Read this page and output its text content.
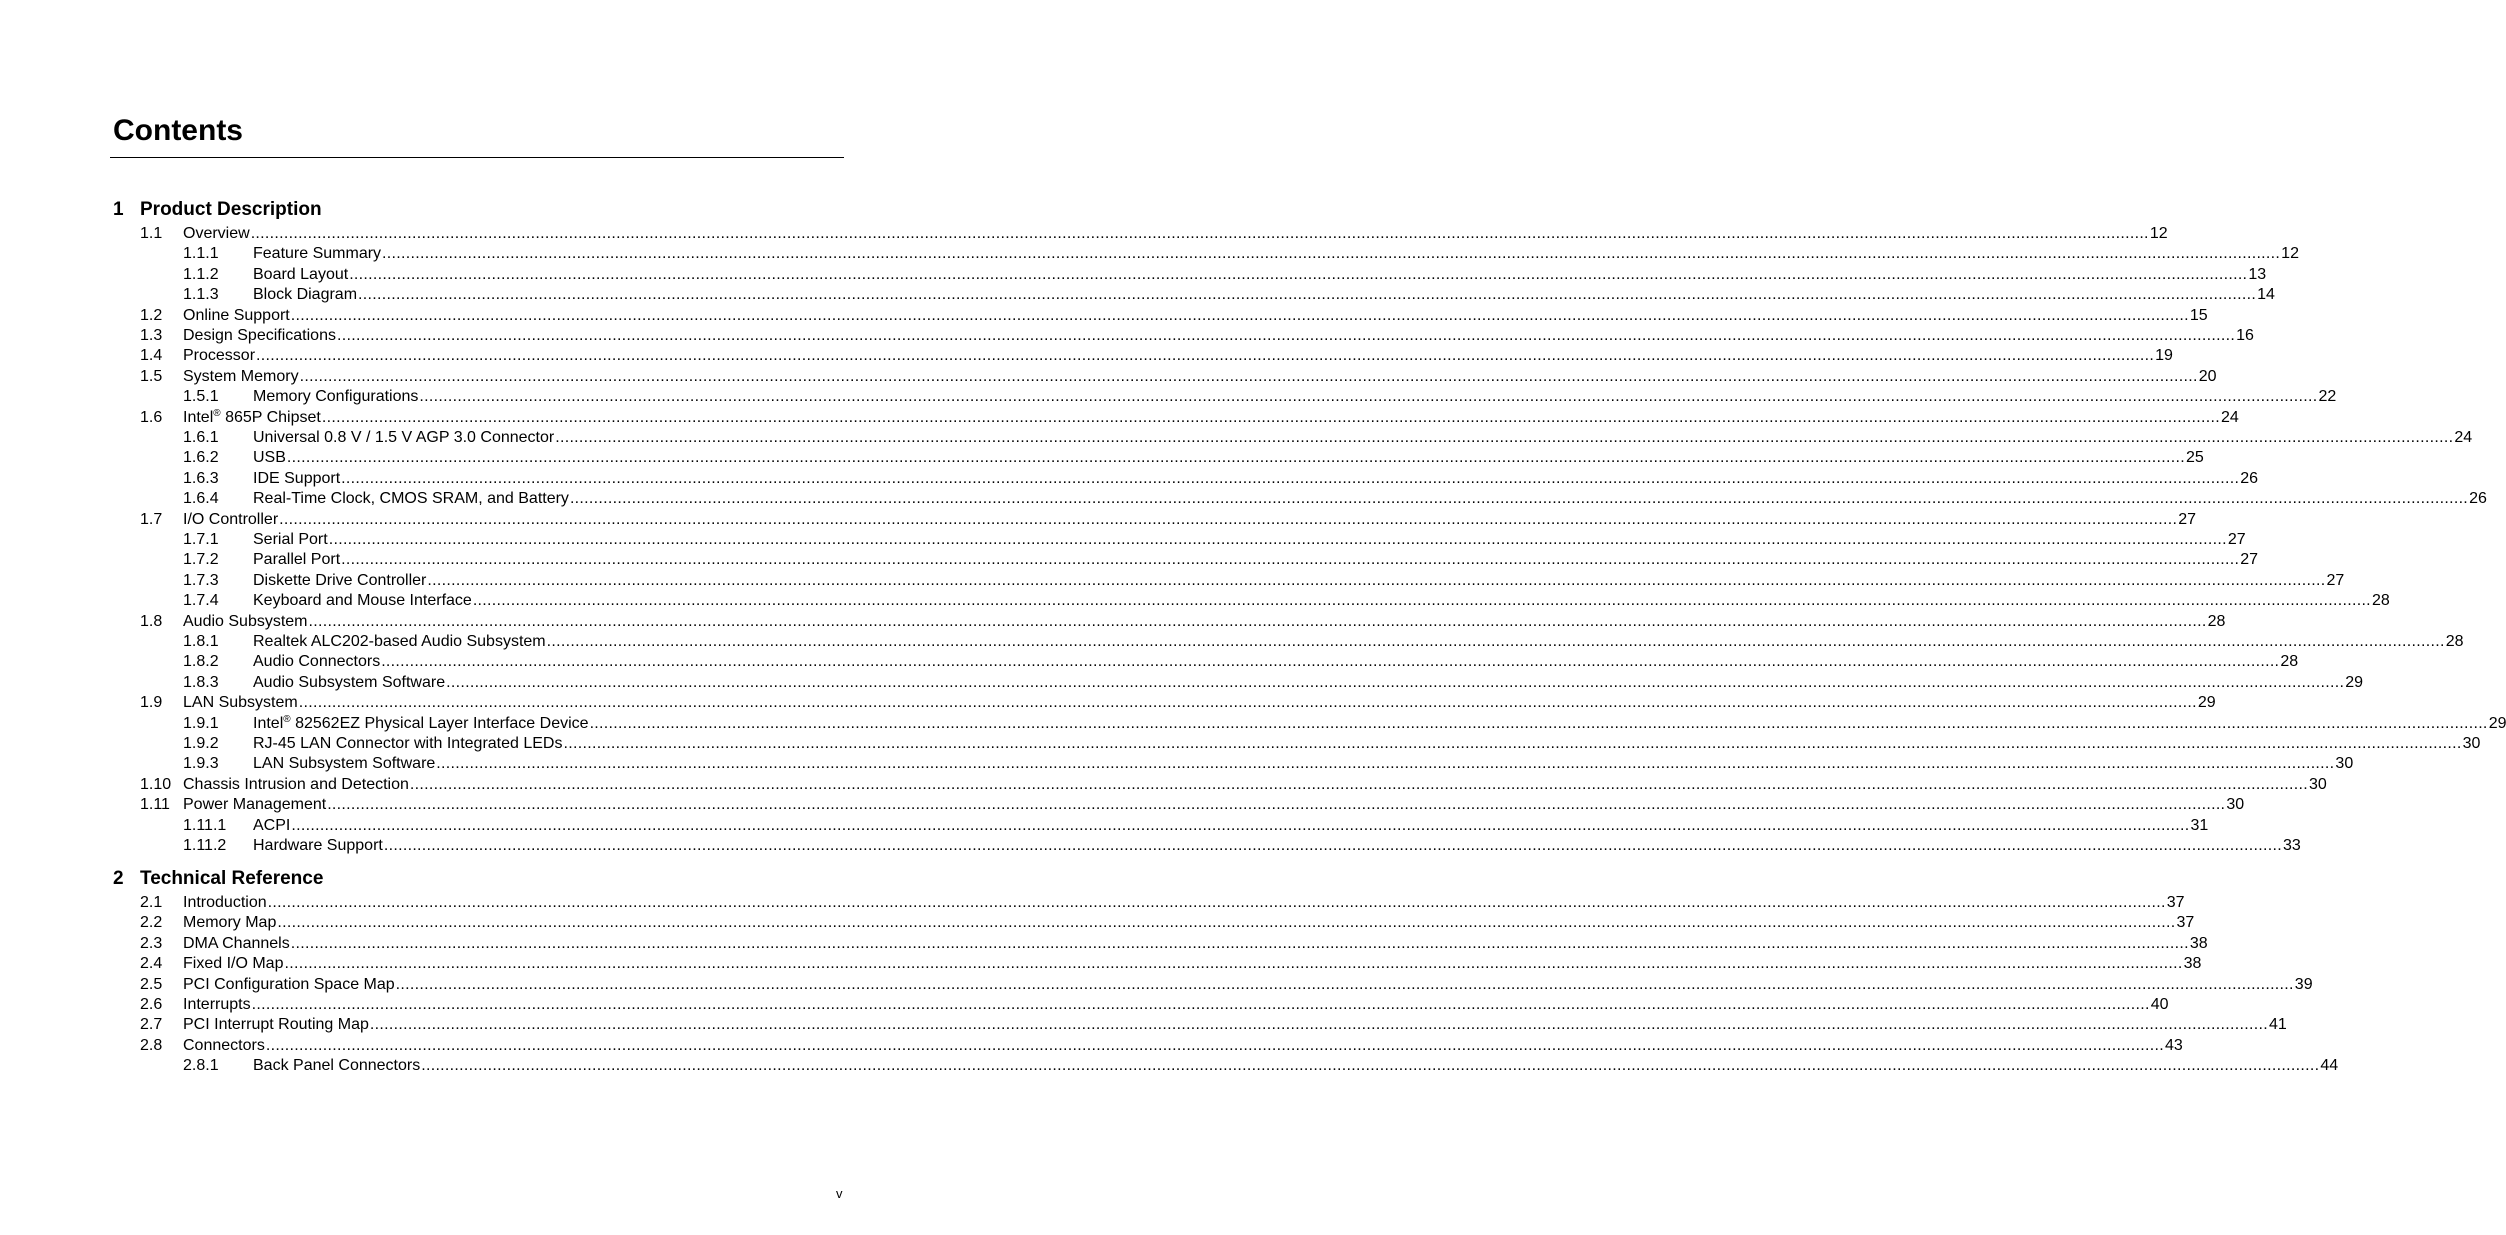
Contents
1 Product Description
1.1 Overview ................................................................................................................................................................................................................................................................................................................................................................................................................ 12
1.1.1 Feature Summary ................................................................................................................................................................................................................................................................................................................................................................................................................ 12
1.1.2 Board Layout ................................................................................................................................................................................................................................................................................................................................................................................................................ 13
1.1.3 Block Diagram ................................................................................................................................................................................................................................................................................................................................................................................................................ 14
1.2 Online Support ................................................................................................................................................................................................................................................................................................................................................................................................................ 15
1.3 Design Specifications ................................................................................................................................................................................................................................................................................................................................................................................................................ 16
1.4 Processor ................................................................................................................................................................................................................................................................................................................................................................................................................ 19
1.5 System Memory ................................................................................................................................................................................................................................................................................................................................................................................................................ 20
1.5.1 Memory Configurations ................................................................................................................................................................................................................................................................................................................................................................................................................ 22
1.6 Intel® 865P Chipset ................................................................................................................................................................................................................................................................................................................................................................................................................ 24
1.6.1 Universal 0.8 V / 1.5 V AGP 3.0 Connector ................................................................................................................................................................................................................................................................................................................................................................................................................ 24
1.6.2 USB ................................................................................................................................................................................................................................................................................................................................................................................................................ 25
1.6.3 IDE Support ................................................................................................................................................................................................................................................................................................................................................................................................................ 26
1.6.4 Real-Time Clock, CMOS SRAM, and Battery ................................................................................................................................................................................................................................................................................................................................................................................................................ 26
1.7 I/O Controller ................................................................................................................................................................................................................................................................................................................................................................................................................ 27
1.7.1 Serial Port ................................................................................................................................................................................................................................................................................................................................................................................................................ 27
1.7.2 Parallel Port ................................................................................................................................................................................................................................................................................................................................................................................................................ 27
1.7.3 Diskette Drive Controller ................................................................................................................................................................................................................................................................................................................................................................................................................ 27
1.7.4 Keyboard and Mouse Interface ................................................................................................................................................................................................................................................................................................................................................................................................................ 28
1.8 Audio Subsystem ................................................................................................................................................................................................................................................................................................................................................................................................................ 28
1.8.1 Realtek ALC202-based Audio Subsystem ................................................................................................................................................................................................................................................................................................................................................................................................................ 28
1.8.2 Audio Connectors ................................................................................................................................................................................................................................................................................................................................................................................................................ 28
1.8.3 Audio Subsystem Software ................................................................................................................................................................................................................................................................................................................................................................................................................ 29
1.9 LAN Subsystem ................................................................................................................................................................................................................................................................................................................................................................................................................ 29
1.9.1 Intel® 82562EZ Physical Layer Interface Device ................................................................................................................................................................................................................................................................................................................................................................................................................ 29
1.9.2 RJ-45 LAN Connector with Integrated LEDs ................................................................................................................................................................................................................................................................................................................................................................................................................ 30
1.9.3 LAN Subsystem Software ................................................................................................................................................................................................................................................................................................................................................................................................................ 30
1.10 Chassis Intrusion and Detection ................................................................................................................................................................................................................................................................................................................................................................................................................ 30
1.11 Power Management ................................................................................................................................................................................................................................................................................................................................................................................................................ 30
1.11.1 ACPI ................................................................................................................................................................................................................................................................................................................................................................................................................ 31
1.11.2 Hardware Support ................................................................................................................................................................................................................................................................................................................................................................................................................ 33
2 Technical Reference
2.1 Introduction ................................................................................................................................................................................................................................................................................................................................................................................................................ 37
2.2 Memory Map ................................................................................................................................................................................................................................................................................................................................................................................................................ 37
2.3 DMA Channels ................................................................................................................................................................................................................................................................................................................................................................................................................ 38
2.4 Fixed I/O Map ................................................................................................................................................................................................................................................................................................................................................................................................................ 38
2.5 PCI Configuration Space Map ................................................................................................................................................................................................................................................................................................................................................................................................................ 39
2.6 Interrupts ................................................................................................................................................................................................................................................................................................................................................................................................................ 40
2.7 PCI Interrupt Routing Map ................................................................................................................................................................................................................................................................................................................................................................................................................ 41
2.8 Connectors ................................................................................................................................................................................................................................................................................................................................................................................................................ 43
2.8.1 Back Panel Connectors ................................................................................................................................................................................................................................................................................................................................................................................................................ 44
v
